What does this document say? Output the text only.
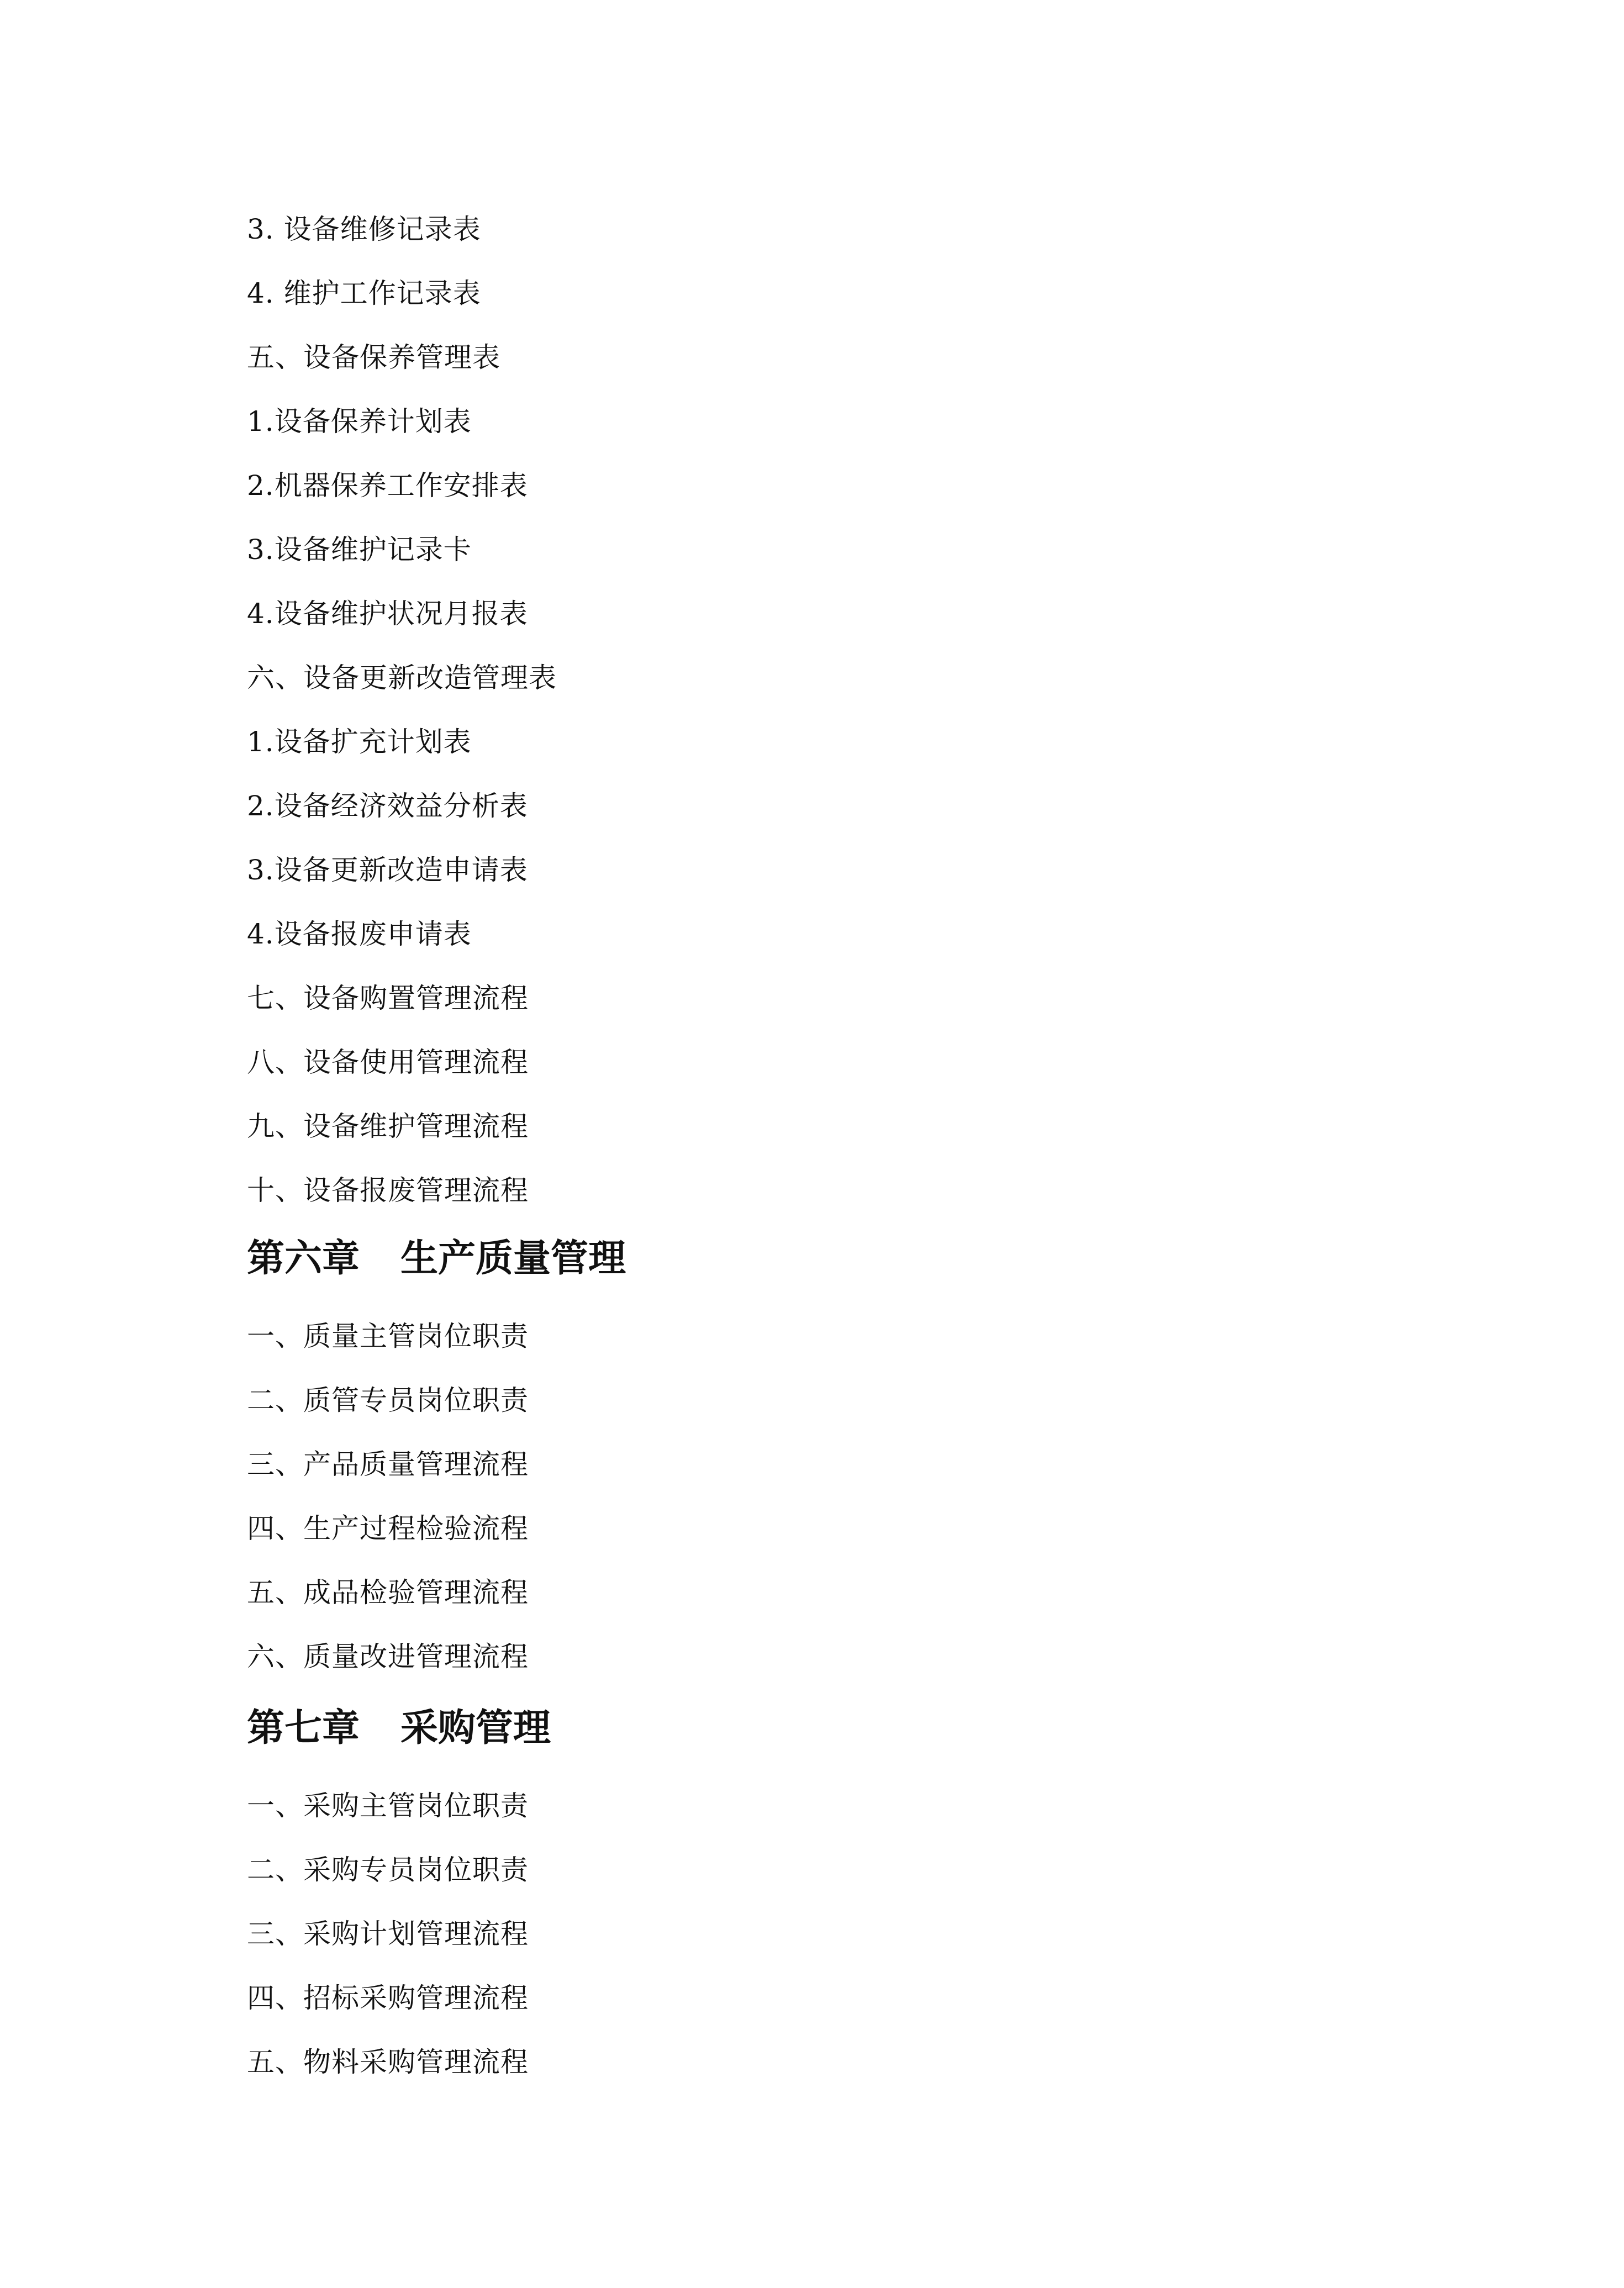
3. 设备维修记录表
4. 维护工作记录表
五、设备保养管理表
1.设备保养计划表
2.机器保养工作安排表
3.设备维护记录卡
4.设备维护状况月报表
六、设备更新改造管理表
1.设备扩充计划表
2.设备经济效益分析表
3.设备更新改造申请表
4.设备报废申请表
七、设备购置管理流程
八、设备使用管理流程
九、设备维护管理流程
十、设备报废管理流程
第六章 生产质量管理
一、质量主管岗位职责
二、质管专员岗位职责
三、产品质量管理流程
四、生产过程检验流程
五、成品检验管理流程
六、质量改进管理流程
第七章 采购管理
一、采购主管岗位职责
二、采购专员岗位职责
三、采购计划管理流程
四、招标采购管理流程
五、物料采购管理流程
